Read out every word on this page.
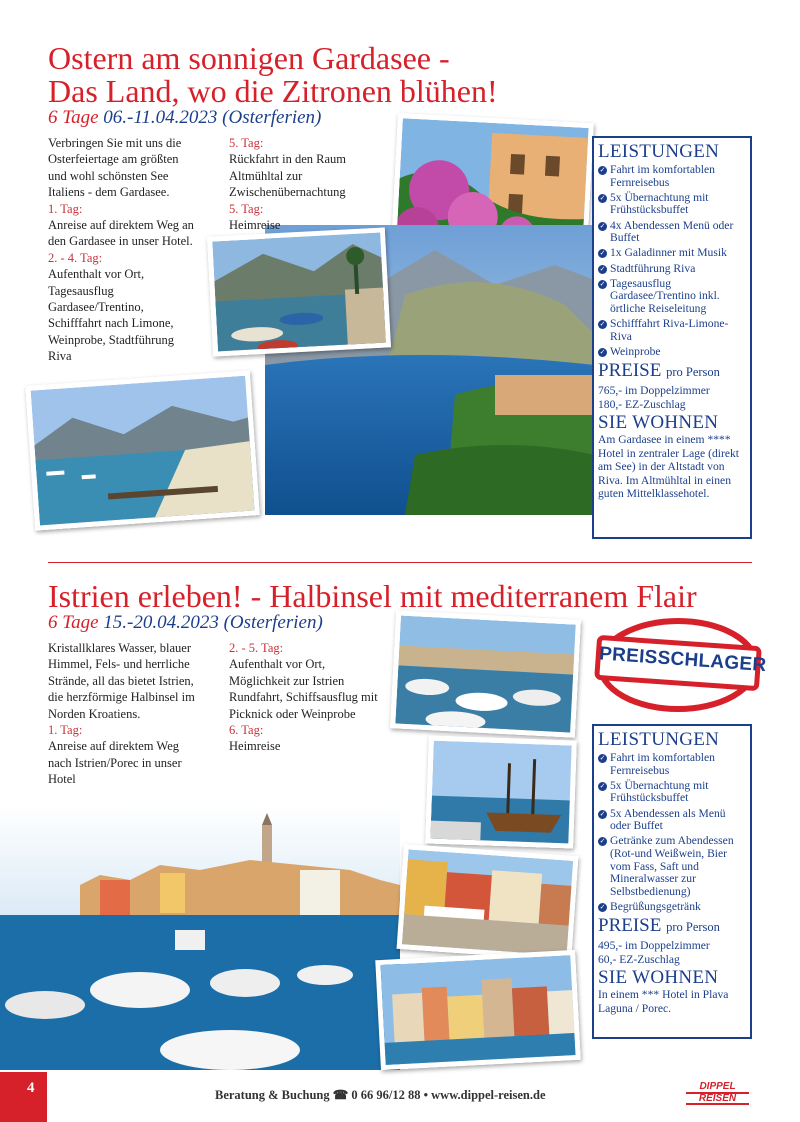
Ostern am sonnigen Gardasee -
Das Land, wo die Zitronen blühen!
6 Tage 06.-11.04.2023 (Osterferien)
Verbringen Sie mit uns die
Osterfeiertage am größten
und wohl schönsten See
Italiens - dem Gardasee.
1. Tag:
Anreise auf direktem Weg an
den Gardasee in unser Hotel.
2. - 4. Tag:
Aufenthalt vor Ort,
Tagesausflug
Gardasee/Trentino,
Schifffahrt nach Limone,
Weinprobe, Stadtführung
Riva
5. Tag:
Rückfahrt in den Raum
Altmühltal zur
Zwischenübernachtung
5. Tag:
Heimreise
LEISTUNGEN
✓ Fahrt im komfortablen Fernreisebus
✓ 5x Übernachtung mit Frühstücksbuffet
✓ 4x Abendessen Menü oder Buffet
✓ 1x Galadinner mit Musik
✓ Stadtführung Riva
✓ Tagesausflug Gardasee/Trentino inkl. örtliche Reiseleitung
✓ Schifffahrt Riva-Limone-Riva
✓ Weinprobe
PREISE pro Person

765,- im Doppelzimmer

180,- EZ-Zuschlag

SIE WOHNEN

Am Gardasee in einem **** Hotel in zentraler Lage (direkt am See) in der Altstadt von Riva. Im Altmühltal in einen guten Mittelklassehotel.

Istrien erleben! - Halbinsel mit mediterranem Flair
6 Tage 15.-20.04.2023 (Osterferien)
PREISSCHLAGER
Kristallklares Wasser, blauer
Himmel, Fels- und herrliche
Strände, all das bietet Istrien,
die herzförmige Halbinsel im
Norden Kroatiens.
1. Tag:
Anreise auf direktem Weg
nach Istrien/Porec in unser
Hotel
2. - 5. Tag:
Aufenthalt vor Ort,
Möglichkeit zur Istrien
Rundfahrt, Schiffsausflug mit
Picknick oder Weinprobe
6. Tag:
Heimreise	LEISTUNGEN
✓ Fahrt im komfortablen Fernreisebus
✓ 5x Übernachtung mit Frühstücksbuffet
✓ 5x Abendessen als Menü oder Buffet
✓ Getränke zum Abendessen (Rot-und Weißwein, Bier vom Fass, Saft und Mineralwasser zur Selbstbedienung)
✓ Begrüßungsgetränk
PREISE pro Person

495,- im Doppelzimmer

60,- EZ-Zuschlag

SIE WOHNEN

In einem *** Hotel in Plava Laguna / Porec.

4	Beratung & Buchung ☎ 0 66 96/12 88 • www.dippel-reisen.de
DIPPEL
REISEN
